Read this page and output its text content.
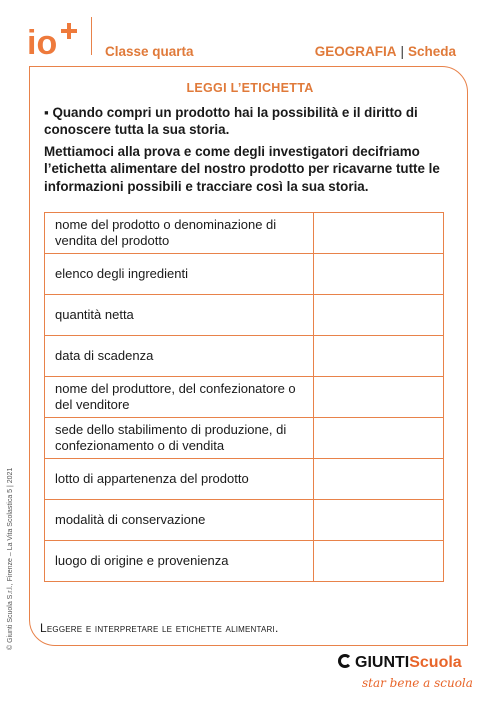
io	Classe quarta	GEOGRAFIA | Scheda
LEGGI L’ETICHETTA

▪ Quando compri un prodotto hai la possibilità e il diritto di conoscere tutta la sua storia.

Mettiamoci alla prova e come degli investigatori decifriamo l’etichetta alimentare del nostro prodotto per ricavarne tutte le informazioni possibili e tracciare così la sua storia.

nome del prodotto o denominazione di vendita del prodotto	
elenco degli ingredienti	
quantità netta	
data di scadenza	
nome del produttore, del confezionatore o del venditore	
sede dello stabilimento di produzione, di confezionamento o di vendita	
lotto di appartenenza del prodotto	
modalità di conservazione	
luogo di origine e provenienza	
Leggere e interpretare le etichette alimentari.
© Giunti Scuola S.r.l., Firenze – La Vita Scolastica 5 | 2021
GIUNTIScuola
star bene a scuola
